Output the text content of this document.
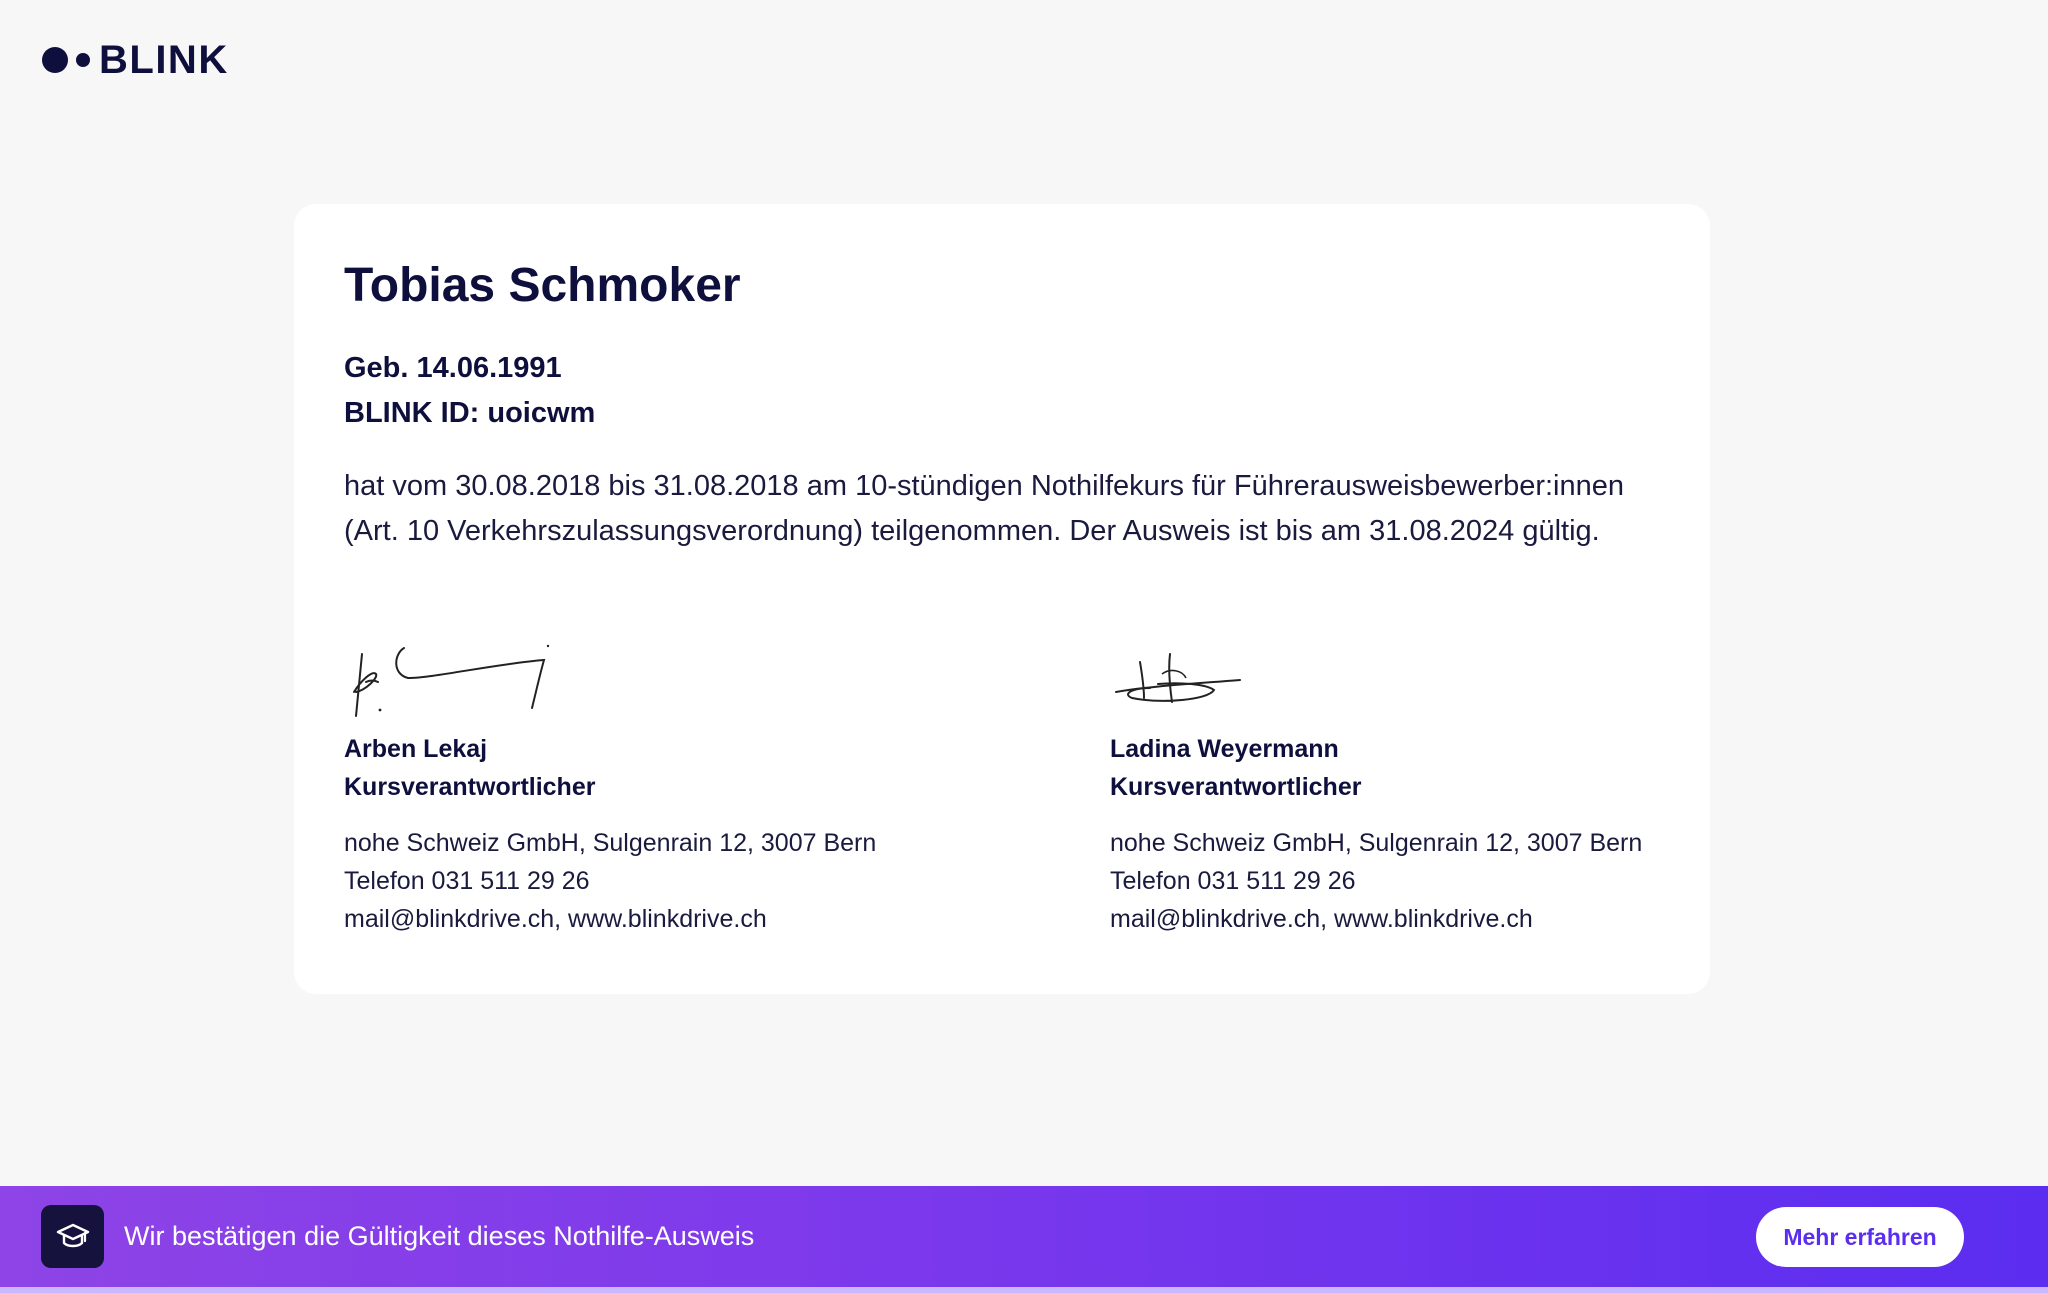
BLINK
Tobias Schmoker
Geb. 14.06.1991
BLINK ID: uoicwm
hat vom 30.08.2018 bis 31.08.2018 am 10-stündigen Nothilfekurs für Führerausweisbewerber:innen (Art. 10 Verkehrszulassungsverordnung) teilgenommen. Der Ausweis ist bis am 31.08.2024 gültig.
Arben Lekaj
Kursverantwortlicher
nohe Schweiz GmbH, Sulgenrain 12, 3007 Bern
Telefon 031 511 29 26
mail@blinkdrive.ch, www.blinkdrive.ch
Ladina Weyermann
Kursverantwortlicher
nohe Schweiz GmbH, Sulgenrain 12, 3007 Bern
Telefon 031 511 29 26
mail@blinkdrive.ch, www.blinkdrive.ch
Wir bestätigen die Gültigkeit dieses Nothilfe-Ausweis	Mehr erfahren
